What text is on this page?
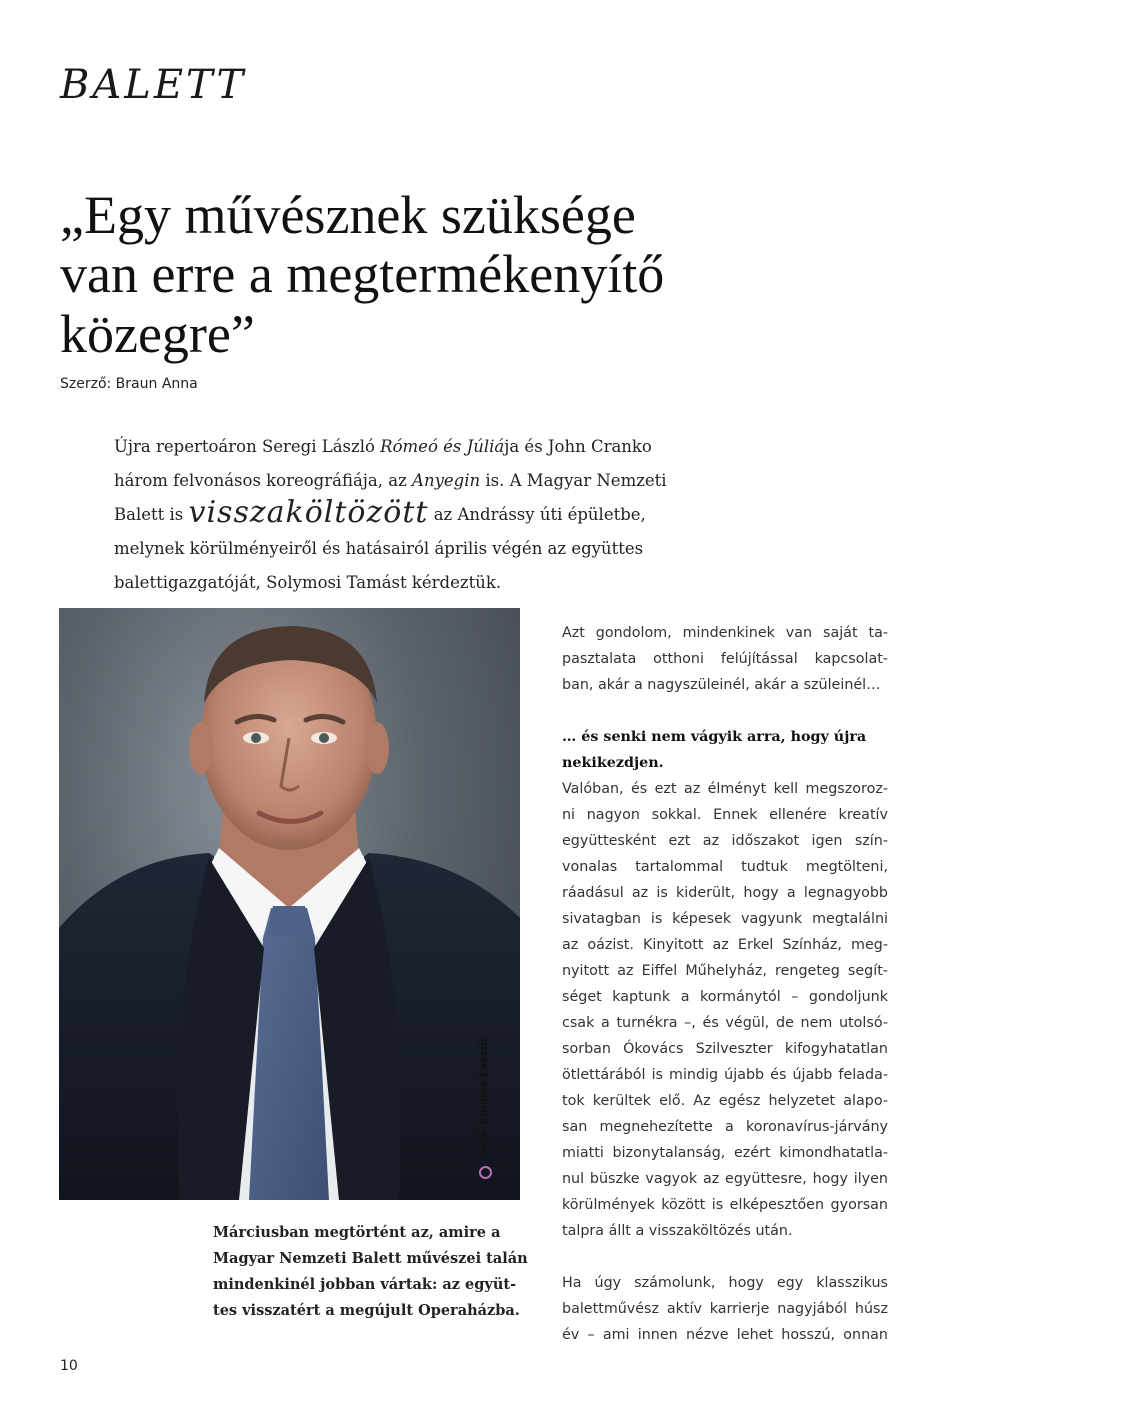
BALETT
„Egy művésznek szüksége
van erre a megtermékenyítő
közegre”
Szerző: Braun Anna
Újra repertoáron Seregi László Rómeó és Júliája és John Cranko
három felvonásos koreográfiája, az Anyegin is. A Magyar Nemzeti
Balett is visszaköltözött az Andrássy úti épületbe,
melynek körülményeiről és hatásairól április végén az együttes
balettigazgatóját, Solymosi Tamást kérdeztük.
Fotó: Emmer László
Márciusban megtörtént az, amire a
Magyar Nemzeti Balett művészei talán
mindenkinél jobban vártak: az együt-
tes visszatért a megújult Operaházba.
Azt gondolom, mindenkinek van saját ta-
pasztalata otthoni felújítással kapcsolat-
ban, akár a nagyszüleinél, akár a szüleinél…
… és senki nem vágyik arra, hogy újra
nekikezdjen.
Valóban, és ezt az élményt kell megszoroz-
ni nagyon sokkal. Ennek ellenére kreatív
együttesként ezt az időszakot igen szín-
vonalas tartalommal tudtuk megtölteni,
ráadásul az is kiderült, hogy a legnagyobb
sivatagban is képesek vagyunk megtalálni
az oázist. Kinyitott az Erkel Színház, meg-
nyitott az Eiffel Műhelyház, rengeteg segít-
séget kaptunk a kormánytól – gondoljunk
csak a turnékra –, és végül, de nem utolsó-
sorban Ókovács Szilveszter kifogyhatatlan
ötlettárából is mindig újabb és újabb felada-
tok kerültek elő. Az egész helyzetet alapo-
san megnehezítette a koronavírus-járvány
miatti bizonytalanság, ezért kimondhatatla-
nul büszke vagyok az együttesre, hogy ilyen
körülmények között is elképesztően gyorsan
talpra állt a visszaköltözés után.
Ha úgy számolunk, hogy egy klasszikus
balettművész aktív karrierje nagyjából húsz
év – ami innen nézve lehet hosszú, onnan
10
